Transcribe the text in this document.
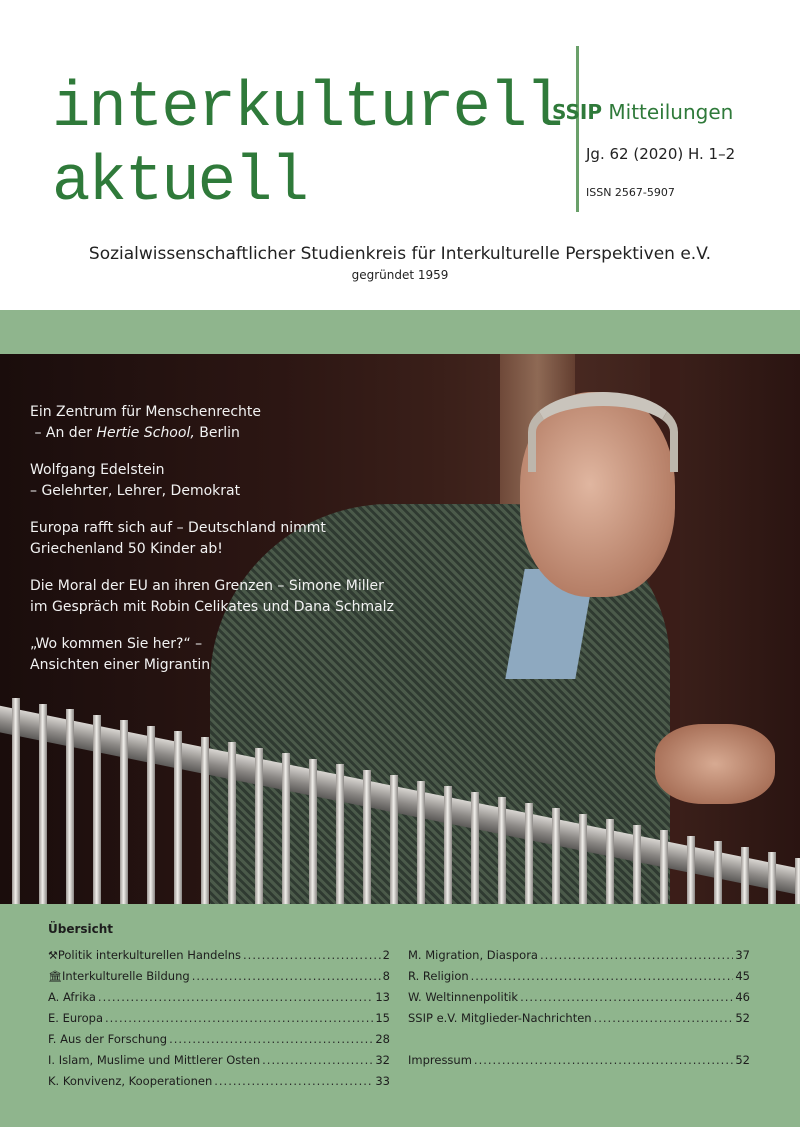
interkulturell
aktuell
SSIP Mitteilungen
Jg. 62 (2020) H. 1–2
ISSN 2567-5907
Sozialwissenschaftlicher Studienkreis für Interkulturelle Perspektiven e.V.
gegründet 1959
Ein Zentrum für Menschenrechte
– An der Hertie School, Berlin
Wolfgang Edelstein
– Gelehrter, Lehrer, Demokrat
Europa rafft sich auf – Deutschland nimmt
Griechenland 50 Kinder ab!
Die Moral der EU an ihren Grenzen – Simone Miller
im Gespräch mit Robin Celikates und Dana Schmalz
„Wo kommen Sie her?“ –
Ansichten einer Migrantin
Übersicht
⚒ Politik interkulturellen Handelns .....	2
🏛 Interkulturelle Bildung .....	8
A. Afrika .....	13
E. Europa .....	15
F. Aus der Forschung .....	28
I. Islam, Muslime und Mittlerer Osten .....	32
K. Konvivenz, Kooperationen .....	33
M. Migration, Diaspora .....	37
R. Religion .....	45
W. Weltinnenpolitik .....	46
SSIP e.V. Mitglieder-Nachrichten .....	52
Impressum .....	52
